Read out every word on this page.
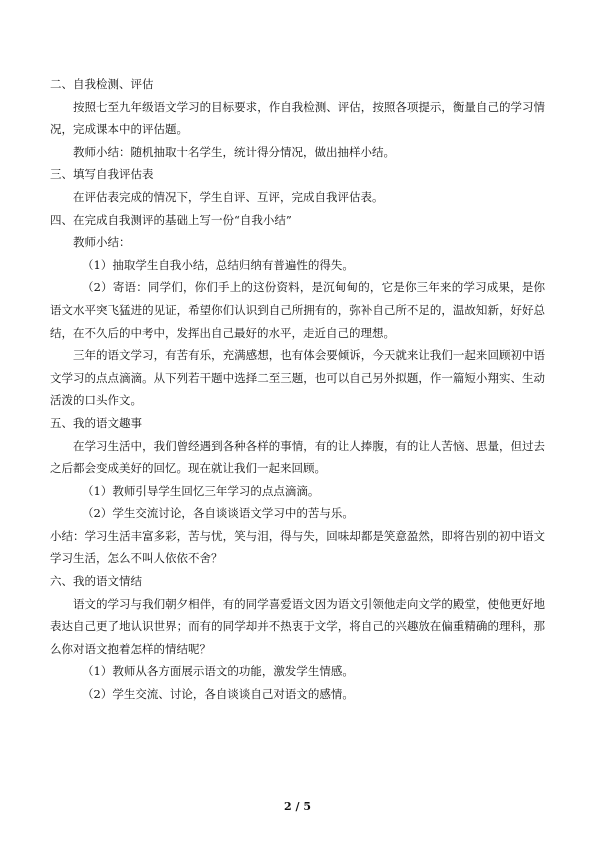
二、自我检测、评估

按照七至九年级语文学习的目标要求，作自我检测、评估，按照各项提示，衡量自己的学习情况，完成课本中的评估题。

教师小结：随机抽取十名学生，统计得分情况，做出抽样小结。

三、填写自我评估表

在评估表完成的情况下，学生自评、互评，完成自我评估表。

四、在完成自我测评的基础上写一份“自我小结”

教师小结：

（1）抽取学生自我小结，总结归纳有普遍性的得失。

（2）寄语：同学们，你们手上的这份资料，是沉甸甸的，它是你三年来的学习成果，是你语文水平突飞猛进的见证，希望你们认识到自己所拥有的，弥补自己所不足的，温故知新，好好总结，在不久后的中考中，发挥出自己最好的水平，走近自己的理想。

三年的语文学习，有苦有乐，充满感想，也有体会要倾诉，今天就来让我们一起来回顾初中语文学习的点点滴滴。从下列若干题中选择二至三题，也可以自己另外拟题，作一篇短小翔实、生动活泼的口头作文。

五、我的语文趣事

在学习生活中，我们曾经遇到各种各样的事情，有的让人捧腹，有的让人苦恼、思量，但过去之后都会变成美好的回忆。现在就让我们一起来回顾。

（1）教师引导学生回忆三年学习的点点滴滴。

（2）学生交流讨论，各自谈谈语文学习中的苦与乐。

小结：学习生活丰富多彩，苦与忧，笑与泪，得与失，回味却都是笑意盈然，即将告别的初中语文学习生活，怎么不叫人依依不舍？

六、我的语文情结

语文的学习与我们朝夕相伴，有的同学喜爱语文因为语文引领他走向文学的殿堂，使他更好地表达自己更了地认识世界；而有的同学却并不热衷于文学，将自己的兴趣放在偏重精确的理科，那么你对语文抱着怎样的情结呢？

（1）教师从各方面展示语文的功能，激发学生情感。

（2）学生交流、讨论，各自谈谈自己对语文的感情。

2 / 5
